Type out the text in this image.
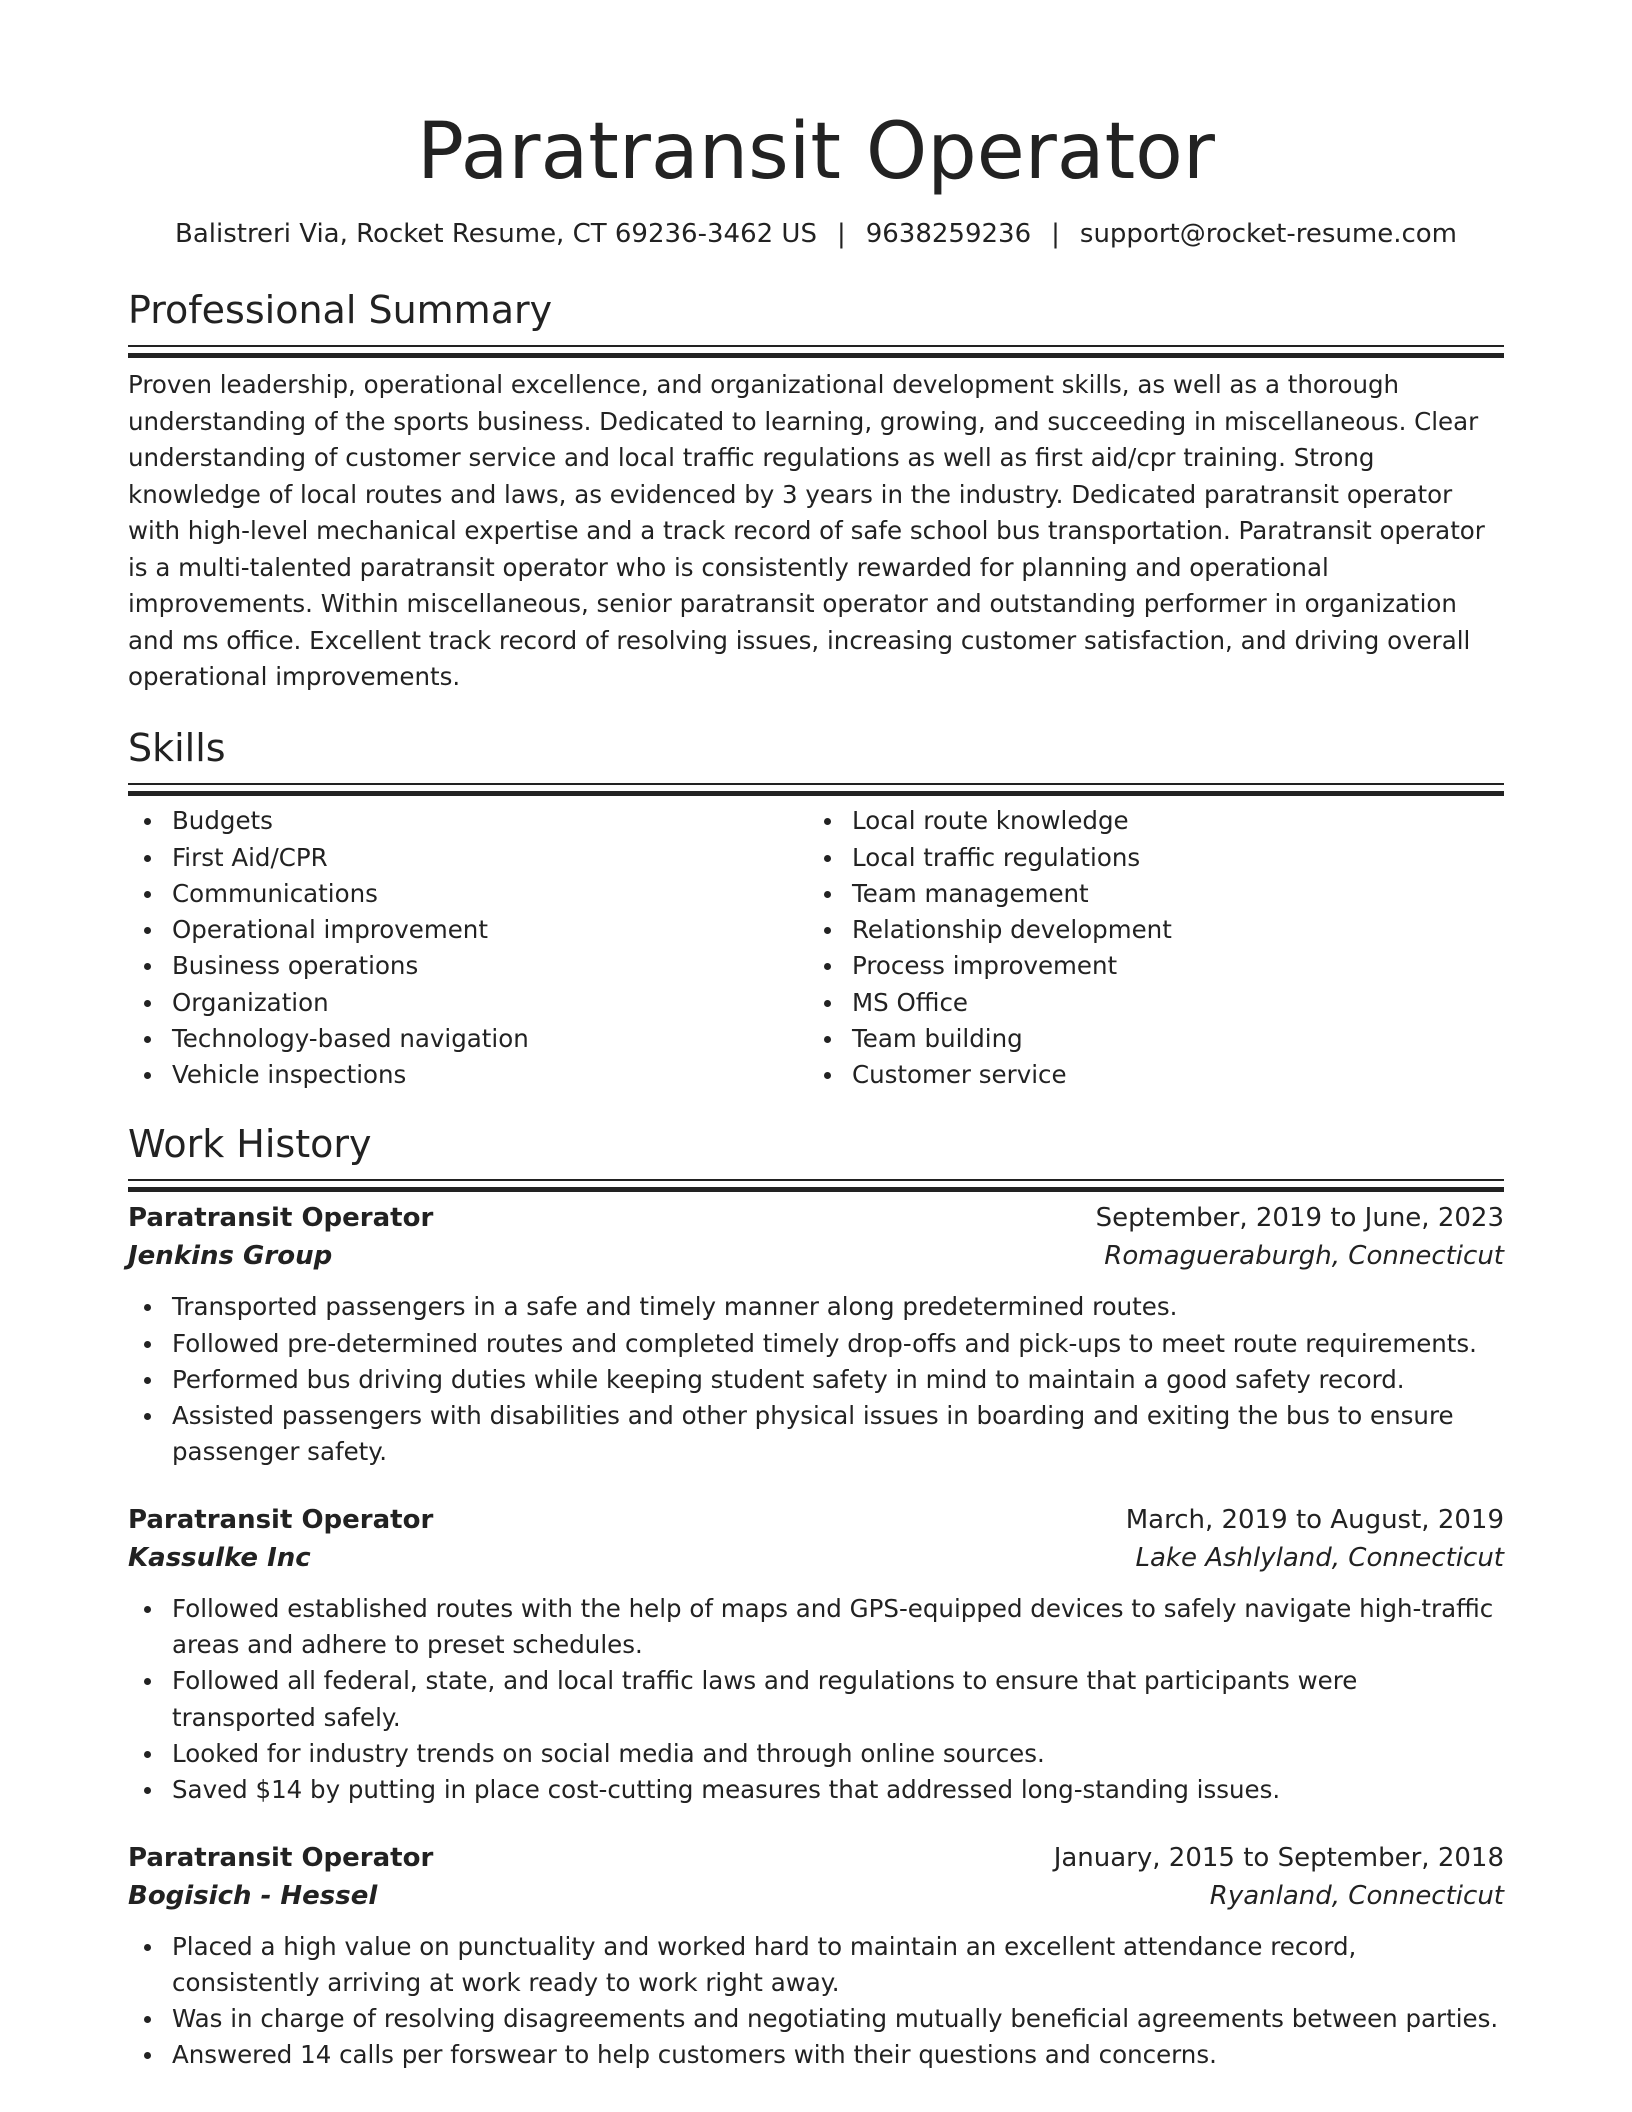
Paratransit Operator
Balistreri Via, Rocket Resume, CT 69236-3462 US | 9638259236 | support@rocket-resume.com
Professional Summary

Proven leadership, operational excellence, and organizational development skills, as well as a thorough understanding of the sports business. Dedicated to learning, growing, and succeeding in miscellaneous. Clear understanding of customer service and local traffic regulations as well as first aid/cpr training. Strong knowledge of local routes and laws, as evidenced by 3 years in the industry. Dedicated paratransit operator with high-level mechanical expertise and a track record of safe school bus transportation. Paratransit operator is a multi-talented paratransit operator who is consistently rewarded for planning and operational improvements. Within miscellaneous, senior paratransit operator and outstanding performer in organization and ms office. Excellent track record of resolving issues, increasing customer satisfaction, and driving overall operational improvements.

Skills
Budgets
First Aid/CPR
Communications
Operational improvement
Business operations
Organization
Technology-based navigation
Vehicle inspections
Local route knowledge
Local traffic regulations
Team management
Relationship development
Process improvement
MS Office
Team building
Customer service
Work History
Paratransit Operator	September, 2019 to June, 2023
Jenkins Group	Romagueraburgh, Connecticut
Transported passengers in a safe and timely manner along predetermined routes.
Followed pre-determined routes and completed timely drop-offs and pick-ups to meet route requirements.
Performed bus driving duties while keeping student safety in mind to maintain a good safety record.
Assisted passengers with disabilities and other physical issues in boarding and exiting the bus to ensure passenger safety.
Paratransit Operator	March, 2019 to August, 2019
Kassulke Inc	Lake Ashlyland, Connecticut
Followed established routes with the help of maps and GPS-equipped devices to safely navigate high-traffic areas and adhere to preset schedules.
Followed all federal, state, and local traffic laws and regulations to ensure that participants were transported safely.
Looked for industry trends on social media and through online sources.
Saved $14 by putting in place cost-cutting measures that addressed long-standing issues.
Paratransit Operator	January, 2015 to September, 2018
Bogisich - Hessel	Ryanland, Connecticut
Placed a high value on punctuality and worked hard to maintain an excellent attendance record, consistently arriving at work ready to work right away.
Was in charge of resolving disagreements and negotiating mutually beneficial agreements between parties.
Answered 14 calls per forswear to help customers with their questions and concerns.
